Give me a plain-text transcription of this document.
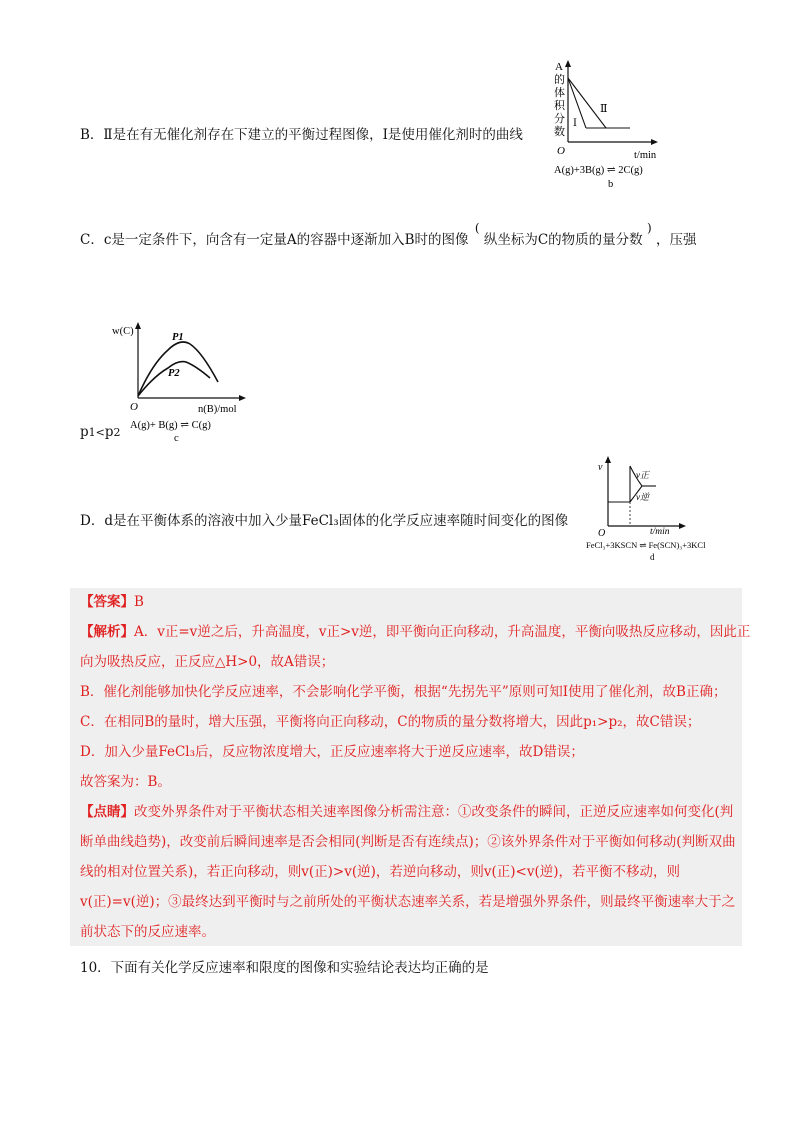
B．Ⅱ是在有无催化剂存在下建立的平衡过程图像，Ⅰ是使用催化剂时的曲线
A
的
体
积
分
数
O	t/min
Ⅱ
Ⅰ
A(g)+3B(g) ⇌ 2C(g)
b
C．c是一定条件下，向含有一定量A的容器中逐渐加入B时的图像 ( 纵坐标为C的物质的量分数 ) ，压强
w(C)
P1
P2
O	n(B)/mol
A(g)+ B(g) ⇌ C(g)
c
p1<p2
D．d是在平衡体系的溶液中加入少量FeCl₃固体的化学反应速率随时间变化的图像
v
v正
v逆
O	t/min
FeCl₃+3KSCN ⇌ Fe(SCN)₃+3KCl
d
【答案】B
【解析】A．v正=v逆之后，升高温度，v正>v逆，即平衡向正向移动，升高温度，平衡向吸热反应移动，因此正
向为吸热反应，正反应△H>0，故A错误；
B．催化剂能够加快化学反应速率，不会影响化学平衡，根据“先拐先平”原则可知Ⅰ使用了催化剂，故B正确；
C．在相同B的量时，增大压强，平衡将向正向移动，C的物质的量分数将增大，因此p₁>p₂，故C错误；
D．加入少量FeCl₃后，反应物浓度增大，正反应速率将大于逆反应速率，故D错误；
故答案为：B。
【点睛】改变外界条件对于平衡状态相关速率图像分析需注意：①改变条件的瞬间，正逆反应速率如何变化(判
断单曲线趋势)，改变前后瞬间速率是否会相同(判断是否有连续点)；②该外界条件对于平衡如何移动(判断双曲
线的相对位置关系)，若正向移动，则v(正)>v(逆)，若逆向移动，则v(正)<v(逆)，若平衡不移动，则
v(正)=v(逆)；③最终达到平衡时与之前所处的平衡状态速率关系，若是增强外界条件，则最终平衡速率大于之
前状态下的反应速率。
10．下面有关化学反应速率和限度的图像和实验结论表达均正确的是
